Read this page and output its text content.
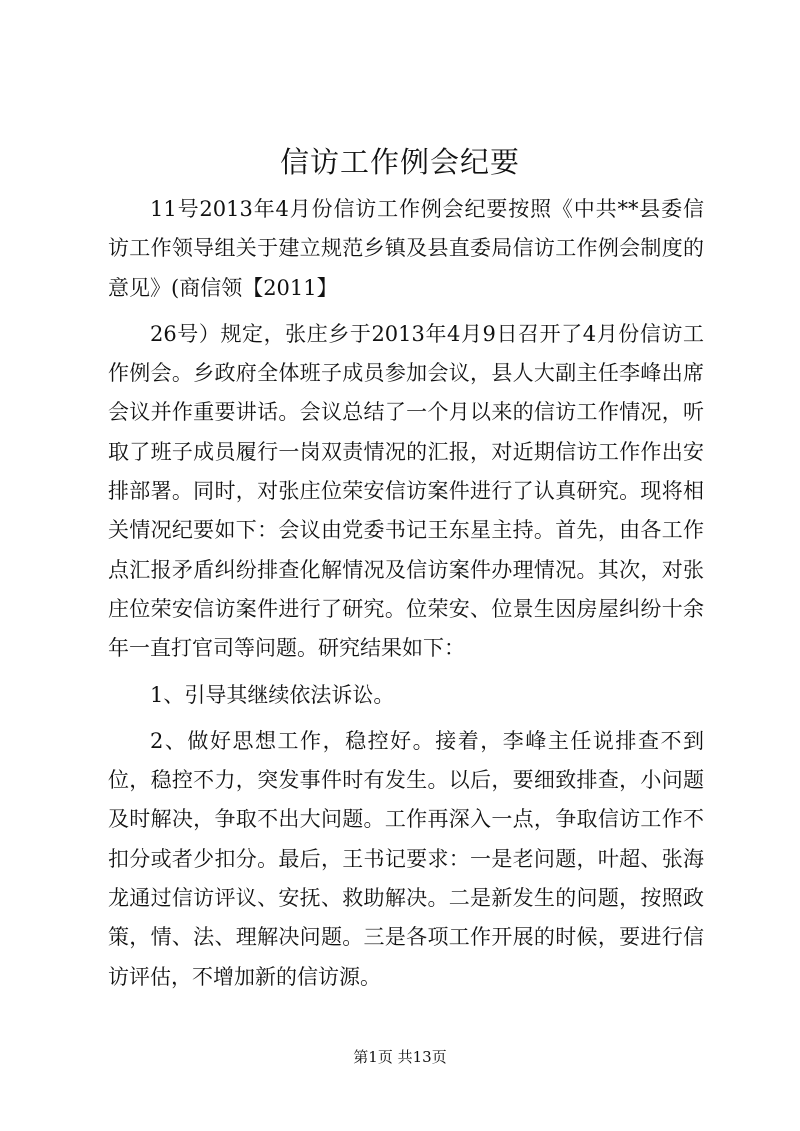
信访工作例会纪要

11号2013年4月份信访工作例会纪要按照《中共**县委信访工作领导组关于建立规范乡镇及县直委局信访工作例会制度的意见》(商信领【2011】

26号）规定，张庄乡于2013年4月9日召开了4月份信访工作例会。乡政府全体班子成员参加会议，县人大副主任李峰出席会议并作重要讲话。会议总结了一个月以来的信访工作情况，听取了班子成员履行一岗双责情况的汇报，对近期信访工作作出安排部署。同时，对张庄位荣安信访案件进行了认真研究。现将相关情况纪要如下：会议由党委书记王东星主持。首先，由各工作点汇报矛盾纠纷排查化解情况及信访案件办理情况。其次，对张庄位荣安信访案件进行了研究。位荣安、位景生因房屋纠纷十余年一直打官司等问题。研究结果如下：

1、引导其继续依法诉讼。

2、做好思想工作，稳控好。接着，李峰主任说排查不到位，稳控不力，突发事件时有发生。以后，要细致排查，小问题及时解决，争取不出大问题。工作再深入一点，争取信访工作不扣分或者少扣分。最后，王书记要求：一是老问题，叶超、张海龙通过信访评议、安抚、救助解决。二是新发生的问题，按照政策，情、法、理解决问题。三是各项工作开展的时候，要进行信访评估，不增加新的信访源。

第1页 共13页
